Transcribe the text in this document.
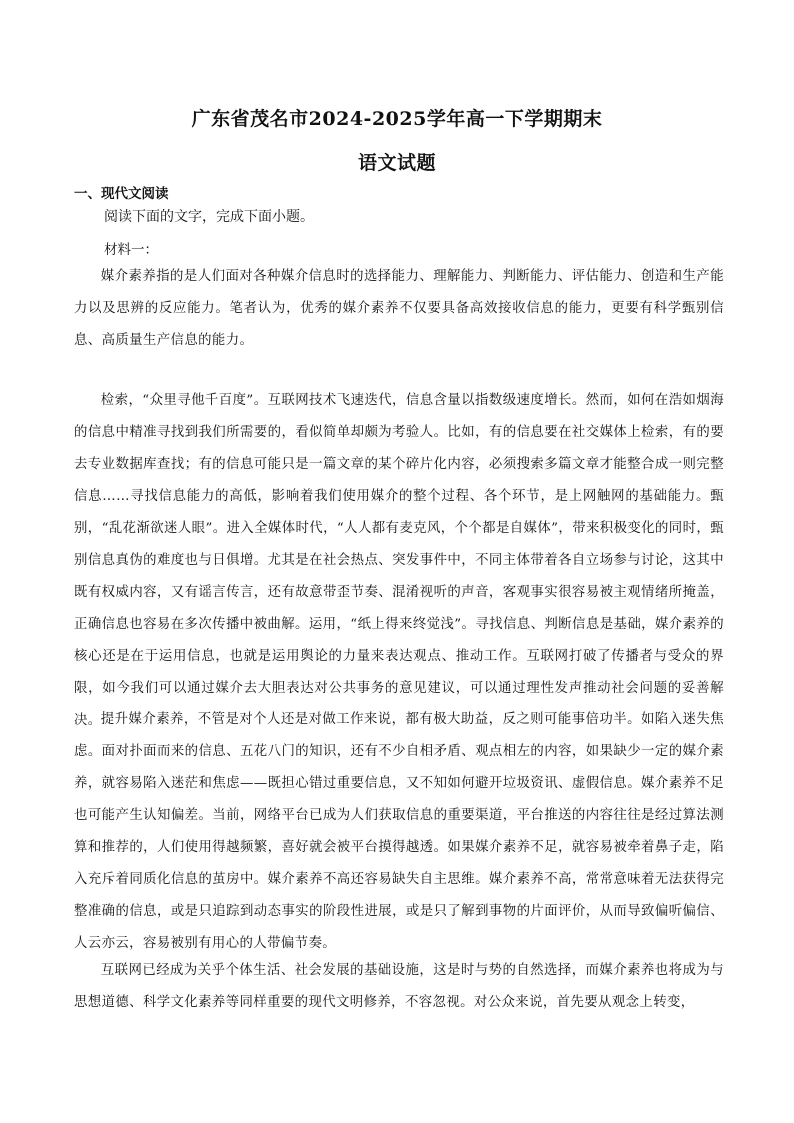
广东省茂名市2024-2025学年高一下学期期末
语文试题
一、现代文阅读
阅读下面的文字，完成下面小题。
材料一：

媒介素养指的是人们面对各种媒介信息时的选择能力、理解能力、判断能力、评估能力、创造和生产能力以及思辨的反应能力。笔者认为，优秀的媒介素养不仅要具备高效接收信息的能力，更要有科学甄别信息、高质量生产信息的能力。

检索，“众里寻他千百度”。互联网技术飞速迭代，信息含量以指数级速度增长。然而，如何在浩如烟海的信息中精准寻找到我们所需要的，看似简单却颇为考验人。比如，有的信息要在社交媒体上检索，有的要去专业数据库查找；有的信息可能只是一篇文章的某个碎片化内容，必须搜索多篇文章才能整合成一则完整信息……寻找信息能力的高低，影响着我们使用媒介的整个过程、各个环节，是上网触网的基础能力。甄别，“乱花渐欲迷人眼”。进入全媒体时代，“人人都有麦克风，个个都是自媒体”，带来积极变化的同时，甄别信息真伪的难度也与日俱增。尤其是在社会热点、突发事件中，不同主体带着各自立场参与讨论，这其中既有权威内容，又有谣言传言，还有故意带歪节奏、混淆视听的声音，客观事实很容易被主观情绪所掩盖，正确信息也容易在多次传播中被曲解。运用，“纸上得来终觉浅”。寻找信息、判断信息是基础，媒介素养的核心还是在于运用信息，也就是运用舆论的力量来表达观点、推动工作。互联网打破了传播者与受众的界限，如今我们可以通过媒介去大胆表达对公共事务的意见建议，可以通过理性发声推动社会问题的妥善解决。 提升媒介素养，不管是对个人还是对做工作来说，都有极大助益，反之则可能事倍功半。如陷入迷失焦虑。面对扑面而来的信息、五花八门的知识，还有不少自相矛盾、观点相左的内容，如果缺少一定的媒介素养，就容易陷入迷茫和焦虑——既担心错过重要信息，又不知如何避开垃圾资讯、虚假信息。媒介素养不足也可能产生认知偏差。当前，网络平台已成为人们获取信息的重要渠道，平台推送的内容往往是经过算法测算和推荐的，人们使用得越频繁，喜好就会被平台摸得越透。如果媒介素养不足，就容易被牵着鼻子走，陷入充斥着同质化信息的茧房中。媒介素养不高还容易缺失自主思维。媒介素养不高，常常意味着无法获得完整准确的信息，或是只追踪到动态事实的阶段性进展，或是只了解到事物的片面评价，从而导致偏听偏信、人云亦云，容易被别有用心的人带偏节奏。

互联网已经成为关乎个体生活、社会发展的基础设施，这是时与势的自然选择，而媒介素养也将成为与思想道德、科学文化素养等同样重要的现代文明修养，不容忽视。对公众来说，首先要从观念上转变，
